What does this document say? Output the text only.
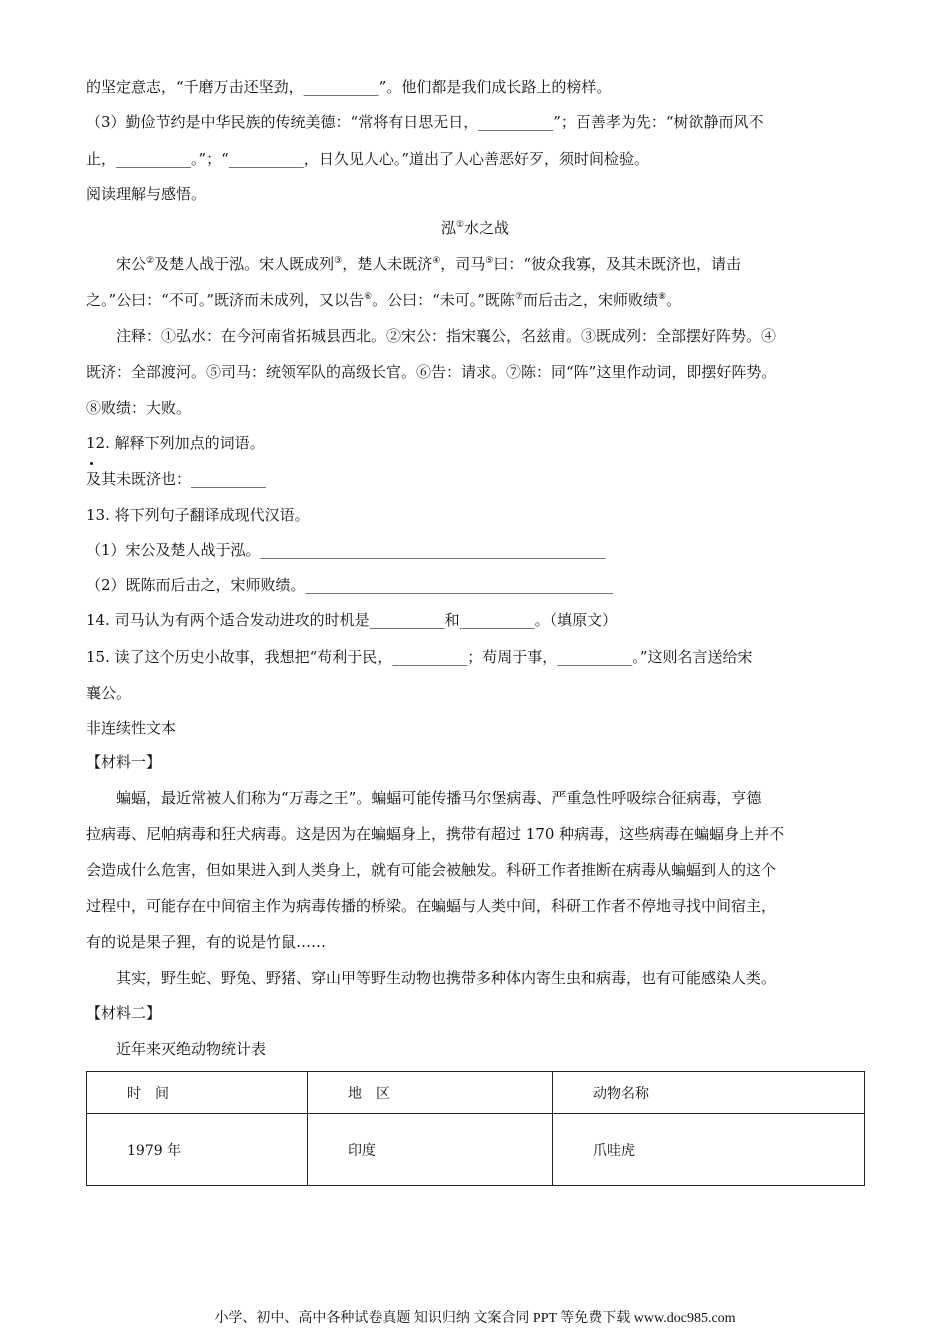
的坚定意志，“千磨万击还坚劲，__________”。他们都是我们成长路上的榜样。
（3）勤俭节约是中华民族的传统美德：“常将有日思无日，__________”；百善孝为先：“树欲静而风不
止，__________。”；“__________，日久见人心。”道出了人心善恶好歹，须时间检验。
阅读理解与感悟。
泓①水之战
宋公②及楚人战于泓。宋人既成列③，楚人未既济④，司马⑤曰：“彼众我寡，及其未既济也，请击
之。”公曰：“不可。”既济而未成列，又以告⑥。公曰：“未可。”既陈⑦而后击之，宋师败绩⑧。
注释：①弘水：在今河南省拓城县西北。②宋公：指宋襄公，名兹甫。③既成列：全部摆好阵势。④
既济：全部渡河。⑤司马：统领军队的高级长官。⑥告：请求。⑦陈：同“阵”这里作动词，即摆好阵势。
⑧败绩：大败。
12. 解释下列加点的词语。
及其未既济也：__________
13. 将下列句子翻译成现代汉语。
（1）宋公及楚人战于泓。______________________________________________
（2）既陈而后击之，宋师败绩。_________________________________________
14. 司马认为有两个适合发动进攻的时机是__________和__________。（填原文）
15. 读了这个历史小故事，我想把“苟利于民，__________；苟周于事，__________。”这则名言送给宋
襄公。
非连续性文本
【材料一】
蝙蝠，最近常被人们称为“万毒之王”。蝙蝠可能传播马尔堡病毒、严重急性呼吸综合征病毒，亨德
拉病毒、尼帕病毒和狂犬病毒。这是因为在蝙蝠身上，携带有超过 170 种病毒，这些病毒在蝙蝠身上并不
会造成什么危害，但如果进入到人类身上，就有可能会被触发。科研工作者推断在病毒从蝙蝠到人的这个
过程中，可能存在中间宿主作为病毒传播的桥梁。在蝙蝠与人类中间，科研工作者不停地寻找中间宿主，
有的说是果子狸，有的说是竹鼠……
其实，野生蛇、野兔、野猪、穿山甲等野生动物也携带多种体内寄生虫和病毒，也有可能感染人类。
【材料二】
近年来灭绝动物统计表
时　间	地　区	动物名称
1979 年	印度	爪哇虎
小学、初中、高中各种试卷真题 知识归纳 文案合同 PPT 等免费下载 www.doc985.com
